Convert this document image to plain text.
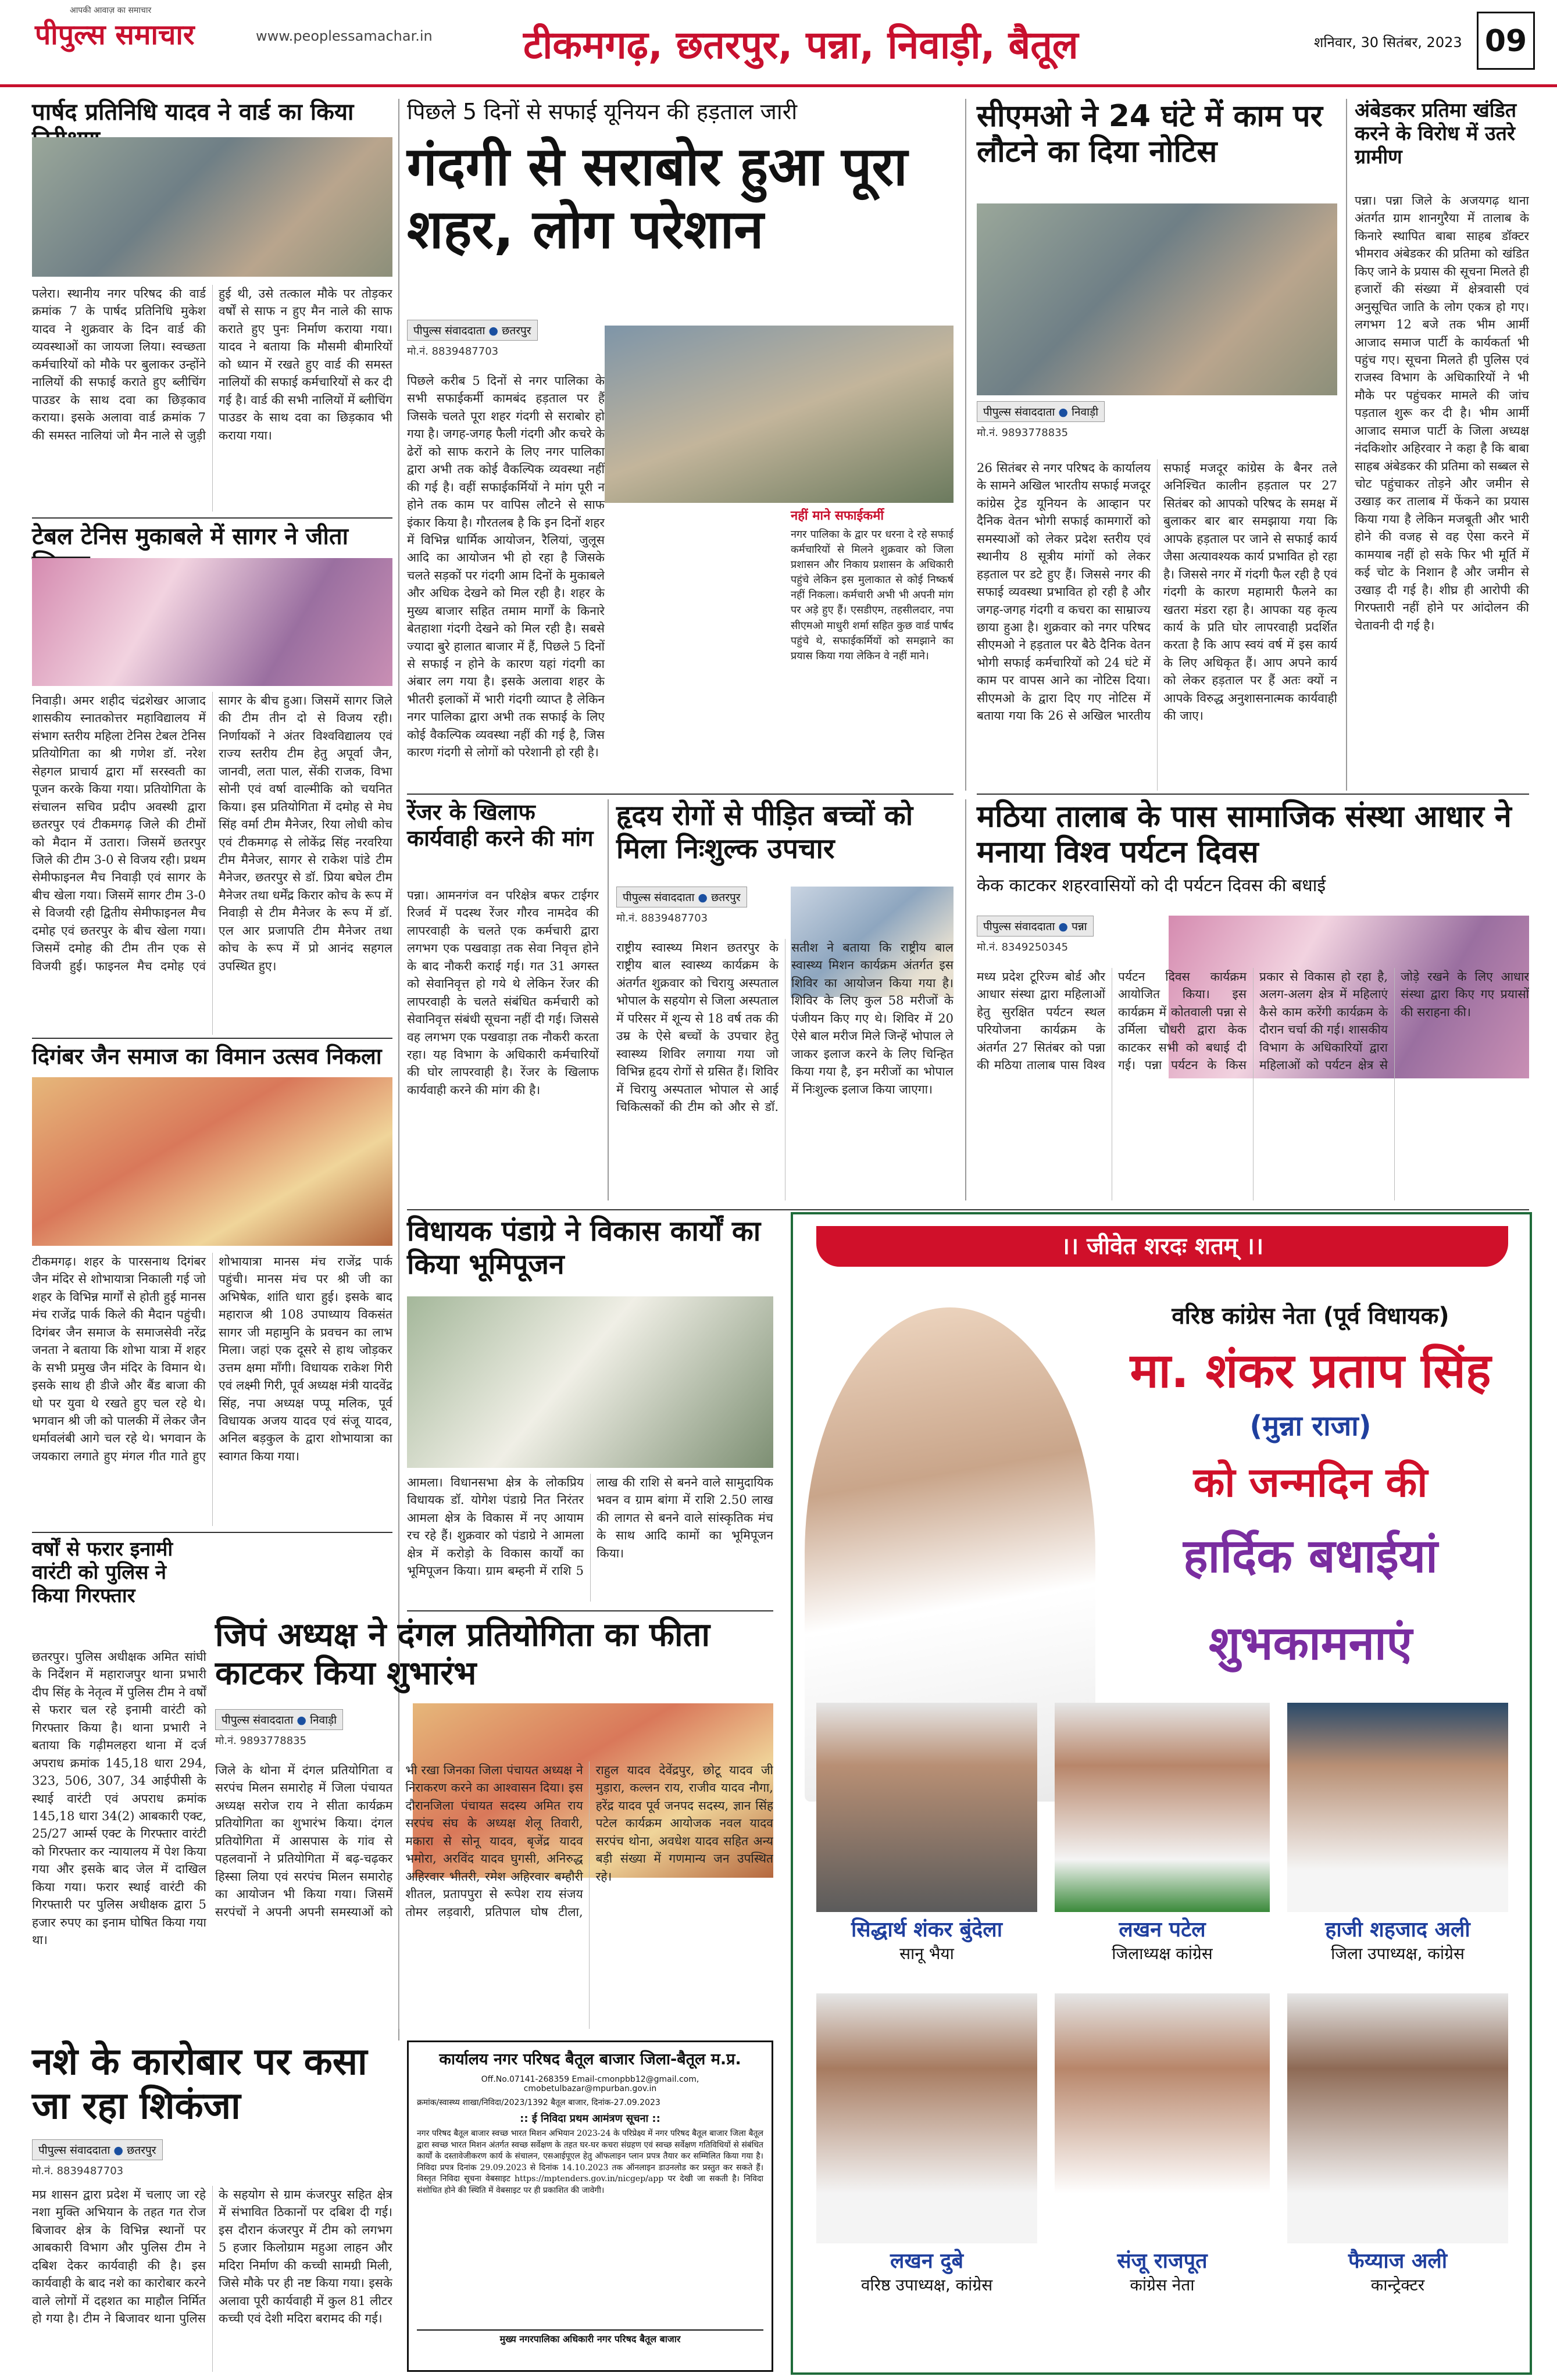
पीपुल्स समाचार
आपकी आवाज़ का समाचार
www.peoplessamachar.in टीकमगढ़, छतरपुर, पन्ना, निवाड़ी, बैतूल	शनिवार, 30 सितंबर, 2023 09
पार्षद प्रतिनिधि यादव ने वार्ड का किया
पलेरा। स्थानीय नगर परिषद की वार्ड क्रमांक 7 के पार्षद प्रतिनिधि मुकेश यादव ने शुक्रवार के दिन वार्ड की व्यवस्थाओं का जायजा लिया। स्वच्छता कर्मचारियों को मौके पर बुलाकर उन्होंने नालियों की सफाई कराते हुए ब्लीचिंग पाउडर के साथ दवा का छिड़काव कराया। इसके अलावा वार्ड क्रमांक 7 की समस्त नालियां जो मैन नाले से जुड़ी हुई थी, उसे तत्काल मौके पर तोड़कर वर्षों से साफ न हुए मैन नाले की साफ कराते हुए पुनः निर्माण कराया गया। यादव ने बताया कि मौसमी बीमारियों को ध्यान में रखते हुए वार्ड की समस्त नालियों की सफाई कर्मचारियों से कर दी गई है। वार्ड की सभी नालियों में ब्लीचिंग पाउडर के साथ दवा का छिड़काव भी कराया गया।
टेबल टेनिस मुकाबले में सागर ने जीता
निवाड़ी। अमर शहीद चंद्रशेखर आजाद शासकीय स्नातकोत्तर महाविद्यालय में संभाग स्तरीय महिला टेनिस टेबल टेनिस प्रतियोगिता का श्री गणेश डॉ. नरेश सेहगल प्राचार्य द्वारा माँ सरस्वती का पूजन करके किया गया। प्रतियोगिता के संचालन सचिव प्रदीप अवस्थी द्वारा छतरपुर एवं टीकमगढ़ जिले की टीमों को मैदान में उतारा। जिसमें छतरपुर जिले की टीम 3-0 से विजय रही। प्रथम सेमीफाइनल मैच निवाड़ी एवं सागर के बीच खेला गया। जिसमें सागर टीम 3-0 से विजयी रही द्वितीय सेमीफाइनल मैच दमोह एवं छतरपुर के बीच खेला गया। जिसमें दमोह की टीम तीन एक से विजयी हुई। फाइनल मैच दमोह एवं सागर के बीच हुआ। जिसमें सागर जिले की टीम तीन दो से विजय रही। निर्णायकों ने अंतर विश्वविद्यालय एवं राज्य स्तरीय टीम हेतु अपूर्वा जैन, जानवी, लता पाल, सेंकी राजक, विभा सोनी एवं वर्षा वाल्मीकि को चयनित किया। इस प्रतियोगिता में दमोह से मेघ सिंह वर्मा टीम मैनेजर, रिया लोधी कोच एवं टीकमगढ़ से लोकेंद्र सिंह नरवरिया टीम मैनेजर, सागर से राकेश पांडे टीम मैनेजर, छतरपुर से डॉ. प्रिया बघेल टीम मैनेजर तथा धर्मेंद्र किरार कोच के रूप में निवाड़ी से टीम मैनेजर के रूप में डॉ. एल आर प्रजापति टीम मैनेजर तथा कोच के रूप में प्रो आनंद सहगल उपस्थित हुए।
दिगंबर जैन समाज का विमान उत्सव निकला
टीकमगढ़। शहर के पारसनाथ दिगंबर जैन मंदिर से शोभायात्रा निकाली गई जो शहर के विभिन्न मार्गों से होती हुई मानस मंच राजेंद्र पार्क किले की मैदान पहुंची। दिगंबर जैन समाज के समाजसेवी नरेंद्र जनता ने बताया कि शोभा यात्रा में शहर के सभी प्रमुख जैन मंदिर के विमान थे। इसके साथ ही डीजे और बैंड बाजा की धो पर युवा थे रखते हुए चल रहे थे। भगवान श्री जी को पालकी में लेकर जैन धर्मावलंबी आगे चल रहे थे। भगवान के जयकारा लगाते हुए मंगल गीत गाते हुए शोभायात्रा मानस मंच राजेंद्र पार्क पहुंची। मानस मंच पर श्री जी का अभिषेक, शांति धारा हुई। इसके बाद महाराज श्री 108 उपाध्याय विकसंत सागर जी महामुनि के प्रवचन का लाभ मिला। जहां एक दूसरे से हाथ जोड़कर उत्तम क्षमा माँगी। विधायक राकेश गिरी एवं लक्ष्मी गिरी, पूर्व अध्यक्ष मंत्री यादवेंद्र सिंह, नपा अध्यक्ष पप्पू मलिक, पूर्व विधायक अजय यादव एवं संजू यादव, अनिल बड़कुल के द्वारा शोभायात्रा का स्वागत किया गया।
वर्षों से फरार इनामी वारंटी को पुलिस ने किया गिरफ्तार
छतरपुर। पुलिस अधीक्षक अमित सांघी के निर्देशन में महाराजपुर थाना प्रभारी दीप सिंह के नेतृत्व में पुलिस टीम ने वर्षों से फरार चल रहे इनामी वारंटी को गिरफ्तार किया है। थाना प्रभारी ने बताया कि गढ़ीमलहरा थाना में दर्ज अपराध क्रमांक 145,18 धारा 294, 323, 506, 307, 34 आईपीसी के स्थाई वारंटी एवं अपराध क्रमांक 145,18 धारा 34(2) आबकारी एक्ट, 25/27 आर्म्स एक्ट के गिरफ्तार वारंटी को गिरफ्तार कर न्यायालय में पेश किया गया और इसके बाद जेल में दाखिल किया गया। फरार स्थाई वारंटी की गिरफ्तारी पर पुलिस अधीक्षक द्वारा 5 हजार रुपए का इनाम घोषित किया गया था।
पिछले 5 दिनों से सफाई यूनियन की हड़ताल जारी
गंदगी से सराबोर हुआ पूरा शहर, लोग परेशान
पीपुल्स संवाददाता ● छतरपुर
मो.नं. 8839487703
पिछले करीब 5 दिनों से नगर पालिका के सभी सफाईकर्मी कामबंद हड़ताल पर हैं जिसके चलते पूरा शहर गंदगी से सराबोर हो गया है। जगह-जगह फैली गंदगी और कचरे के ढेरों को साफ कराने के लिए नगर पालिका द्वारा अभी तक कोई वैकल्पिक व्यवस्था नहीं की गई है। वहीं सफाईकर्मियों ने मांग पूरी न होने तक काम पर वापिस लौटने से साफ इंकार किया है। गौरतलब है कि इन दिनों शहर में विभिन्न धार्मिक आयोजन, रैलियां, जुलूस आदि का आयोजन भी हो रहा है जिसके चलते सड़कों पर गंदगी आम दिनों के मुकाबले और अधिक देखने को मिल रही है। शहर के मुख्य बाजार सहित तमाम मार्गों के किनारे बेतहाशा गंदगी देखने को मिल रही है। सबसे ज्यादा बुरे हालात बाजार में हैं, पिछले 5 दिनों से सफाई न होने के कारण यहां गंदगी का अंबार लग गया है। इसके अलावा शहर के भीतरी इलाकों में भारी गंदगी व्याप्त है लेकिन नगर पालिका द्वारा अभी तक सफाई के लिए कोई वैकल्पिक व्यवस्था नहीं की गई है, जिस कारण गंदगी से लोगों को परेशानी हो रही है।
नहीं माने सफाईकर्मी
नगर पालिका के द्वार पर धरना दे रहे सफाई कर्मचारियों से मिलने शुक्रवार को जिला प्रशासन और निकाय प्रशासन के अधिकारी पहुंचे लेकिन इस मुलाकात से कोई निष्कर्ष नहीं निकला। कर्मचारी अभी भी अपनी मांग पर अड़े हुए हैं। एसडीएम, तहसीलदार, नपा सीएमओ माधुरी शर्मा सहित कुछ वार्ड पार्षद पहुंचे थे, सफाईकर्मियों को समझाने का प्रयास किया गया लेकिन वे नहीं माने।
सीएमओ ने 24 घंटे में काम पर लौटने का दिया नोटिस
पीपुल्स संवाददाता ● निवाड़ी
मो.नं. 9893778835
26 सितंबर से नगर परिषद के कार्यालय के सामने अखिल भारतीय सफाई मजदूर कांग्रेस ट्रेड यूनियन के आव्हान पर दैनिक वेतन भोगी सफाई कामगारों को समस्याओं को लेकर प्रदेश स्तरीय एवं स्थानीय 8 सूत्रीय मांगों को लेकर हड़ताल पर डटे हुए हैं। जिससे नगर की सफाई व्यवस्था प्रभावित हो रही है और जगह-जगह गंदगी व कचरा का साम्राज्य छाया हुआ है। शुक्रवार को नगर परिषद सीएमओ ने हड़ताल पर बैठे दैनिक वेतन भोगी सफाई कर्मचारियों को 24 घंटे में काम पर वापस आने का नोटिस दिया। सीएमओ के द्वारा दिए गए नोटिस में बताया गया कि 26 से अखिल भारतीय सफाई मजदूर कांग्रेस के बैनर तले अनिश्चित कालीन हड़ताल पर 27 सितंबर को आपको परिषद के समक्ष में बुलाकर बार बार समझाया गया कि आपके हड़ताल पर जाने से सफाई कार्य जैसा अत्यावश्यक कार्य प्रभावित हो रहा है। जिससे नगर में गंदगी फैल रही है एवं गंदगी के कारण महामारी फैलने का खतरा मंडरा रहा है। आपका यह कृत्य कार्य के प्रति घोर लापरवाही प्रदर्शित करता है कि आप स्वयं वर्ष में इस कार्य के लिए अधिकृत हैं। आप अपने कार्य को लेकर हड़ताल पर हैं अतः क्यों न आपके विरुद्ध अनुशासनात्मक कार्यवाही की जाए।
अंबेडकर प्रतिमा खंडित करने के विरोध में उतरे ग्रामीण
पन्ना। पन्ना जिले के अजयगढ़ थाना अंतर्गत ग्राम शानगुरैया में तालाब के किनारे स्थापित बाबा साहब डॉक्टर भीमराव अंबेडकर की प्रतिमा को खंडित किए जाने के प्रयास की सूचना मिलते ही हजारों की संख्या में क्षेत्रवासी एवं अनुसूचित जाति के लोग एकत्र हो गए। लगभग 12 बजे तक भीम आर्मी आजाद समाज पार्टी के कार्यकर्ता भी पहुंच गए। सूचना मिलते ही पुलिस एवं राजस्व विभाग के अधिकारियों ने भी मौके पर पहुंचकर मामले की जांच पड़ताल शुरू कर दी है। भीम आर्मी आजाद समाज पार्टी के जिला अध्यक्ष नंदकिशोर अहिरवार ने कहा है कि बाबा साहब अंबेडकर की प्रतिमा को सब्बल से चोट पहुंचाकर तोड़ने और जमीन से उखाड़ कर तालाब में फेंकने का प्रयास किया गया है लेकिन मजबूती और भारी होने की वजह से वह ऐसा करने में कामयाब नहीं हो सके फिर भी मूर्ति में कई चोट के निशान है और जमीन से उखाड़ दी गई है। शीघ्र ही आरोपी की गिरफ्तारी नहीं होने पर आंदोलन की चेतावनी दी गई है।
रेंजर के खिलाफ कार्यवाही करने की मांग
पन्ना। आमनगंज वन परिक्षेत्र बफर टाईगर रिजर्व में पदस्थ रेंजर गौरव नामदेव की लापरवाही के चलते एक कर्मचारी द्वारा लगभग एक पखवाड़ा तक सेवा निवृत्त होने के बाद नौकरी कराई गई। गत 31 अगस्त को सेवानिवृत्त हो गये थे लेकिन रेंजर की लापरवाही के चलते संबंधित कर्मचारी को सेवानिवृत्त संबंधी सूचना नहीं दी गई। जिससे वह लगभग एक पखवाड़ा तक नौकरी करता रहा। यह विभाग के अधिकारी कर्मचारियों की घोर लापरवाही है। रेंजर के खिलाफ कार्यवाही करने की मांग की है।
हृदय रोगों से पीड़ित बच्चों को मिला निःशुल्क उपचार
पीपुल्स संवाददाता ● छतरपुर
मो.नं. 8839487703
राष्ट्रीय स्वास्थ्य मिशन छतरपुर के राष्ट्रीय बाल स्वास्थ्य कार्यक्रम के अंतर्गत शुक्रवार को चिरायु अस्पताल भोपाल के सहयोग से जिला अस्पताल में परिसर में शून्य से 18 वर्ष तक की उम्र के ऐसे बच्चों के उपचार हेतु स्वास्थ्य शिविर लगाया गया जो विभिन्न हृदय रोगों से ग्रसित हैं। शिविर में चिरायु अस्पताल भोपाल से आई चिकित्सकों की टीम को और से डॉ. सतीश ने बताया कि राष्ट्रीय बाल स्वास्थ्य मिशन कार्यक्रम अंतर्गत इस शिविर का आयोजन किया गया है। शिविर के लिए कुल 58 मरीजों के पंजीयन किए गए थे। शिविर में 20 ऐसे बाल मरीज मिले जिन्हें भोपाल ले जाकर इलाज करने के लिए चिन्हित किया गया है, इन मरीजों का भोपाल में निःशुल्क इलाज किया जाएगा।
मठिया तालाब के पास सामाजिक संस्था आधार ने मनाया विश्व पर्यटन दिवस
केक काटकर शहरवासियों को दी पर्यटन दिवस की बधाई
पीपुल्स संवाददाता ● पन्ना
मो.नं. 8349250345
मध्य प्रदेश टूरिज्म बोर्ड और आधार संस्था द्वारा महिलाओं हेतु सुरक्षित पर्यटन स्थल परियोजना कार्यक्रम के अंतर्गत 27 सितंबर को पन्ना की मठिया तालाब पास विश्व पर्यटन दिवस कार्यक्रम आयोजित किया। इस कार्यक्रम में कोतवाली पन्ना से उर्मिला चौधरी द्वारा केक काटकर सभी को बधाई दी गई। पन्ना पर्यटन के किस प्रकार से विकास हो रहा है, अलग-अलग क्षेत्र में महिलाएं कैसे काम करेंगी कार्यक्रम के दौरान चर्चा की गई। शासकीय विभाग के अधिकारियों द्वारा महिलाओं को पर्यटन क्षेत्र से जोड़े रखने के लिए आधार संस्था द्वारा किए गए प्रयासों की सराहना की।
विधायक पंडाग्रे ने विकास कार्यों का किया भूमिपूजन
आमला। विधानसभा क्षेत्र के लोकप्रिय विधायक डॉ. योगेश पंडाग्रे नित निरंतर आमला क्षेत्र के विकास में नए आयाम रच रहे हैं। शुक्रवार को पंडाग्रे ने आमला क्षेत्र में करोड़ो के विकास कार्यों का भूमिपूजन किया। ग्राम बम्हनी में राशि 5 लाख की राशि से बनने वाले सामुदायिक भवन व ग्राम बांगा में राशि 2.50 लाख की लागत से बनने वाले सांस्कृतिक मंच के साथ आदि कामों का भूमिपूजन किया।
जिपं अध्यक्ष ने दंगल प्रतियोगिता का फीता काटकर किया शुभारंभ
पीपुल्स संवाददाता ● निवाड़ी
मो.नं. 9893778835
जिले के थोना में दंगल प्रतियोगिता व सरपंच मिलन समारोह में जिला पंचायत अध्यक्ष सरोज राय ने सीता कार्यक्रम प्रतियोगिता का शुभारंभ किया। दंगल प्रतियोगिता में आसपास के गांव से पहलवानों ने प्रतियोगिता में बढ़-चढ़कर हिस्सा लिया एवं सरपंच मिलन समारोह का आयोजन भी किया गया। जिसमें सरपंचों ने अपनी अपनी समस्याओं को भी रखा जिनका जिला पंचायत अध्यक्ष ने निराकरण करने का आश्वासन दिया। इस दौरानजिला पंचायत सदस्य अमित राय सरपंच संघ के अध्यक्ष शेलू तिवारी, मकारा से सोनू यादव, बृजेंद्र यादव भमोरा, अरविंद यादव घुगसी, अनिरुद्ध अहिरवार भीतरी, रमेश अहिरवार बम्हौरी शीतल, प्रतापपुरा से रूपेश राय संजय तोमर लड़वारी, प्रतिपाल घोष टीला, राहुल यादव देवेंद्रपुर, छोटू यादव जी मुड़ारा, कल्लन राय, राजीव यादव नौगा, हरेंद्र यादव पूर्व जनपद सदस्य, ज्ञान सिंह पटेल कार्यक्रम आयोजक नवल यादव सरपंच थोना, अवधेश यादव सहित अन्य बड़ी संख्या में गणमान्य जन उपस्थित रहे।
नशे के कारोबार पर कसा जा रहा शिकंजा
पीपुल्स संवाददाता ● छतरपुर
मो.नं. 8839487703
मप्र शासन द्वारा प्रदेश में चलाए जा रहे नशा मुक्ति अभियान के तहत गत रोज बिजावर क्षेत्र के विभिन्न स्थानों पर आबकारी विभाग और पुलिस टीम ने दबिश देकर कार्यवाही की है। इस कार्यवाही के बाद नशे का कारोबार करने वाले लोगों में दहशत का माहौल निर्मित हो गया है। टीम ने बिजावर थाना पुलिस के सहयोग से ग्राम कंजरपुर सहित क्षेत्र में संभावित ठिकानों पर दबिश दी गई। इस दौरान कंजरपुर में टीम को लगभग 5 हजार किलोग्राम महुआ लाहन और मदिरा निर्माण की कच्ची सामग्री मिली, जिसे मौके पर ही नष्ट किया गया। इसके अलावा पूरी कार्यवाही में कुल 81 लीटर कच्ची एवं देशी मदिरा बरामद की गई।
कार्यालय नगर परिषद बैतूल बाजार जिला-बैतूल म.प्र.
Off.No.07141-268359 Email-cmonpbb12@gmail.com, cmobetulbazar@mpurban.gov.in
क्रमांक/स्वास्थ्य शाखा/निविदा/2023/1392 बैतूल बाजार, दिनांक-27.09.2023
:: ई निविदा प्रथम आमंत्रण सूचना ::
नगर परिषद बैतूल बाजार स्वच्छ भारत मिशन अभियान 2023-24 के परिप्रेक्ष्य में नगर परिषद बैतूल बाजार जिला बैतूल द्वारा स्वच्छ भारत मिशन अंतर्गत स्वच्छ सर्वेक्षण के तहत घर-घर कचरा संग्रहण एवं स्वच्छ सर्वेक्षण गतिविधियों से संबंधित कार्यों के दस्तावेजीकरण कार्य के संचालन, एसआईपूएल हेतु ऑफलाइन प्लान प्रपत्र तैयार कर सम्मिलित किया गया है। निविदा प्रपत्र दिनांक 29.09.2023 से दिनांक 14.10.2023 तक ऑनलाइन डाउनलोड कर प्रस्तुत कर सकते हैं। विस्तृत निविदा सूचना वेबसाइट https://mptenders.gov.in/nicgep/app पर देखी जा सकती है। निविदा संशोधित होने की स्थिति में वेबसाइट पर ही प्रकाशित की जावेगी।
मुख्य नगरपालिका अधिकारी नगर परिषद बैतूल बाजार
।। जीवेत शरदः शतम् ।।
वरिष्ठ कांग्रेस नेता (पूर्व विधायक)
मा. शंकर प्रताप सिंह
(मुन्ना राजा)
को जन्मदिन की
हार्दिक बधाईयां
शुभकामनाएं
सिद्धार्थ शंकर बुंदेला
सानू भैया
लखन पटेल
जिलाध्यक्ष कांग्रेस
हाजी शहजाद अली
जिला उपाध्यक्ष, कांग्रेस
लखन दुबे
वरिष्ठ उपाध्यक्ष, कांग्रेस
संजू राजपूत
कांग्रेस नेता
फैय्याज अली
कान्ट्रेक्टर
